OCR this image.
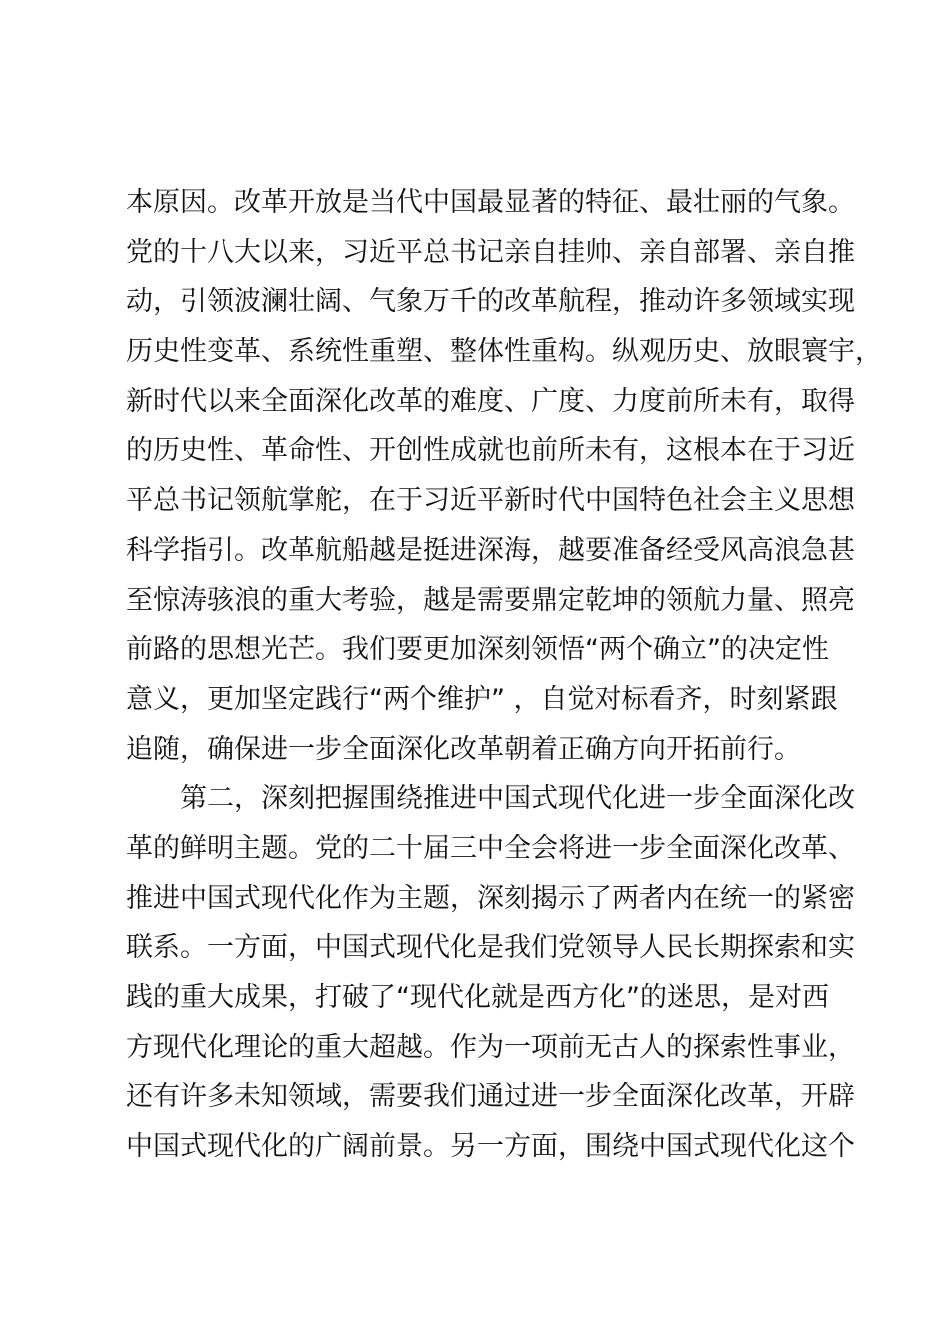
本原因。改革开放是当代中国最显著的特征、最壮丽的气象。
党的十八大以来，习近平总书记亲自挂帅、亲自部署、亲自推
动，引领波澜壮阔、气象万千的改革航程，推动许多领域实现
历史性变革、系统性重塑、整体性重构。纵观历史、放眼寰宇，
新时代以来全面深化改革的难度、广度、力度前所未有，取得
的历史性、革命性、开创性成就也前所未有，这根本在于习近
平总书记领航掌舵，在于习近平新时代中国特色社会主义思想
科学指引。改革航船越是挺进深海，越要准备经受风高浪急甚
至惊涛骇浪的重大考验，越是需要鼎定乾坤的领航力量、照亮
前路的思想光芒。我们要更加深刻领悟“两个确立”的决定性
意义，更加坚定践行“两个维护” ，自觉对标看齐，时刻紧跟
追随，确保进一步全面深化改革朝着正确方向开拓前行。
第二，深刻把握围绕推进中国式现代化进一步全面深化改
革的鲜明主题。党的二十届三中全会将进一步全面深化改革、
推进中国式现代化作为主题，深刻揭示了两者内在统一的紧密
联系。一方面，中国式现代化是我们党领导人民长期探索和实
践的重大成果，打破了“现代化就是西方化”的迷思，是对西
方现代化理论的重大超越。作为一项前无古人的探索性事业，
还有许多未知领域，需要我们通过进一步全面深化改革，开辟
中国式现代化的广阔前景。另一方面，围绕中国式现代化这个
